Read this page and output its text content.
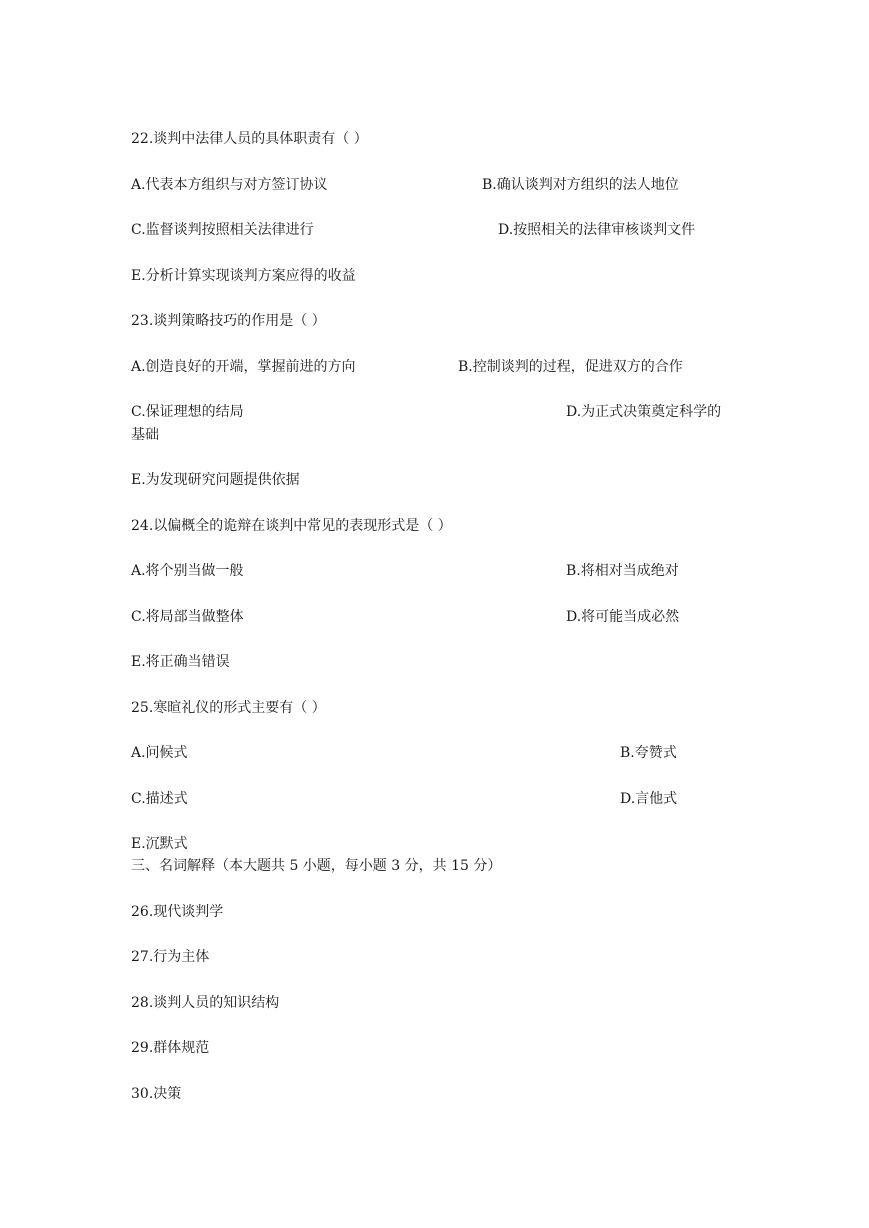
22.谈判中法律人员的具体职责有（ ）
A.代表本方组织与对方签订协议	B.确认谈判对方组织的法人地位
C.监督谈判按照相关法律进行	D.按照相关的法律审核谈判文件
E.分析计算实现谈判方案应得的收益
23.谈判策略技巧的作用是（ ）
A.创造良好的开端，掌握前进的方向	B.控制谈判的过程，促进双方的合作
C.保证理想的结局	D.为正式决策奠定科学的
基础
E.为发现研究问题提供依据
24.以偏概全的诡辩在谈判中常见的表现形式是（ ）
A.将个别当做一般	B.将相对当成绝对
C.将局部当做整体	D.将可能当成必然
E.将正确当错误
25.寒暄礼仪的形式主要有（ ）
A.问候式	B.夸赞式
C.描述式	D.言他式
E.沉默式
三、名词解释（本大题共 5 小题，每小题 3 分，共 15 分）
26.现代谈判学
27.行为主体
28.谈判人员的知识结构
29.群体规范
30.决策
